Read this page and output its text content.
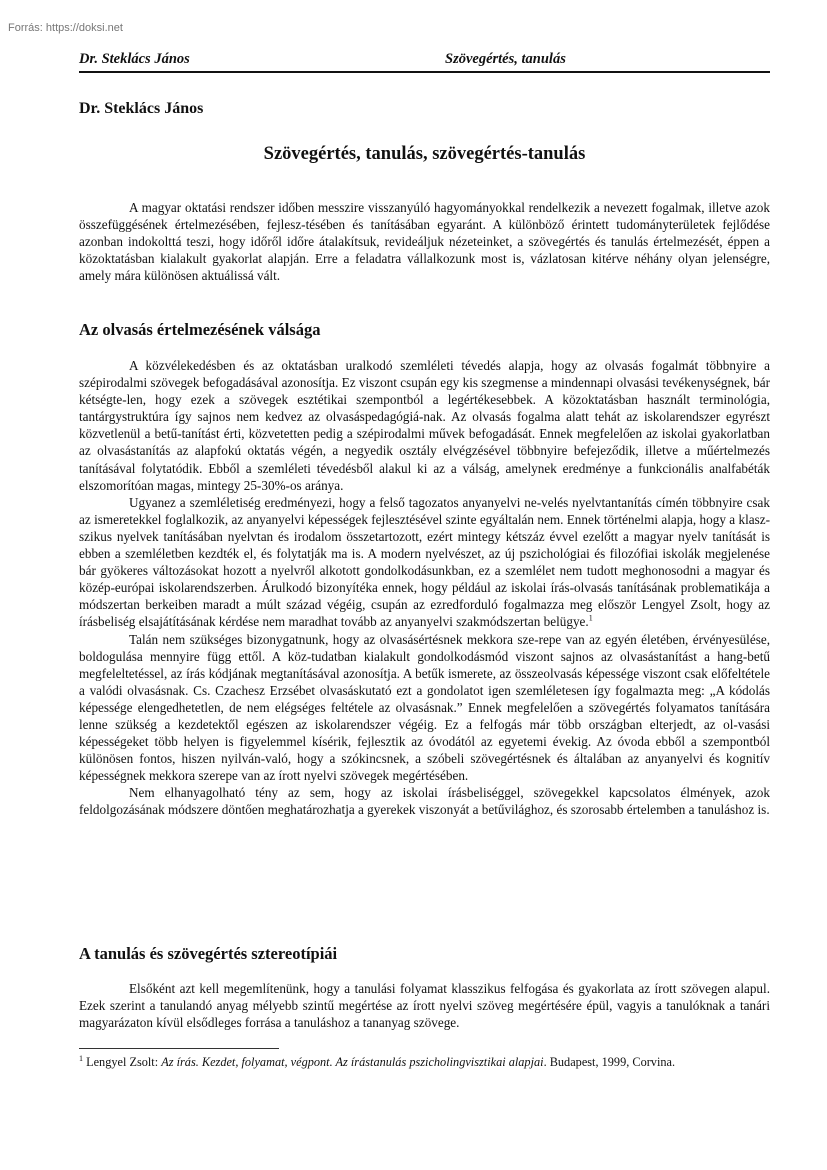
Forrás: https://doksi.net
Dr. Steklács János	Szövegértés, tanulás
Dr. Steklács János
Szövegértés, tanulás, szövegértés-tanulás

A magyar oktatási rendszer időben messzire visszanyúló hagyományokkal rendelkezik a nevezett fogalmak, illetve azok összefüggésének értelmezésében, fejlesz-tésében és tanításában egyaránt. A különböző érintett tudományterületek fejlődése azonban indokolttá teszi, hogy időről időre átalakítsuk, revideáljuk nézeteinket, a szövegértés és tanulás értelmezését, éppen a közoktatásban kialakult gyakorlat alapján. Erre a feladatra vállalkozunk most is, vázlatosan kitérve néhány olyan jelenségre, amely mára különösen aktuálissá vált.

Az olvasás értelmezésének válsága

A közvélekedésben és az oktatásban uralkodó szemléleti tévedés alapja, hogy az olvasás fogalmát többnyire a szépirodalmi szövegek befogadásával azonosítja. Ez viszont csupán egy kis szegmense a mindennapi olvasási tevékenységnek, bár kétségte-len, hogy ezek a szövegek esztétikai szempontból a legértékesebbek. A közoktatásban használt terminológia, tantárgystruktúra így sajnos nem kedvez az olvasáspedagógiá-nak. Az olvasás fogalma alatt tehát az iskolarendszer egyrészt közvetlenül a betű-tanítást érti, közvetetten pedig a szépirodalmi művek befogadását. Ennek megfelelően az iskolai gyakorlatban az olvasástanítás az alapfokú oktatás végén, a negyedik osztály elvégzésével többnyire befejeződik, illetve a műértelmezés tanításával folytatódik. Ebből a szemléleti tévedésből alakul ki az a válság, amelynek eredménye a funkcionális analfabéták elszomorítóan magas, mintegy 25-30%-os aránya.

Ugyanez a szemléletiség eredményezi, hogy a felső tagozatos anyanyelvi ne-velés nyelvtantanítás címén többnyire csak az ismeretekkel foglalkozik, az anyanyelvi képességek fejlesztésével szinte egyáltalán nem. Ennek történelmi alapja, hogy a klasz-szikus nyelvek tanításában nyelvtan és irodalom összetartozott, ezért mintegy kétszáz évvel ezelőtt a magyar nyelv tanítását is ebben a szemléletben kezdték el, és folytatják ma is. A modern nyelvészet, az új pszichológiai és filozófiai iskolák megjelenése bár gyökeres változásokat hozott a nyelvről alkotott gondolkodásunkban, ez a szemlélet nem tudott meghonosodni a magyar és közép-európai iskolarendszerben. Árulkodó bizonyítéka ennek, hogy például az iskolai írás-olvasás tanításának problematikája a módszertan berkeiben maradt a múlt század végéig, csupán az ezredforduló fogalmazza meg először Lengyel Zsolt, hogy az írásbeliség elsajátításának kérdése nem maradhat tovább az anyanyelvi szakmódszertan belügye.$^1$

Talán nem szükséges bizonygatnunk, hogy az olvasásértésnek mekkora sze-repe van az egyén életében, érvényesülése, boldogulása mennyire függ ettől. A köz-tudatban kialakult gondolkodásmód viszont sajnos az olvasástanítást a hang-betű megfeleltetéssel, az írás kódjának megtanításával azonosítja. A betűk ismerete, az összeolvasás képessége viszont csak előfeltétele a valódi olvasásnak. Cs. Czachesz Erzsébet olvasáskutató ezt a gondolatot igen szemléletesen így fogalmazta meg: „A kódolás képessége elengedhetetlen, de nem elégséges feltétele az olvasásnak.” Ennek megfelelően a szövegértés folyamatos tanítására lenne szükség a kezdetektől egészen az iskolarendszer végéig. Ez a felfogás már több országban elterjedt, az ol-vasási képességeket több helyen is figyelemmel kísérik, fejlesztik az óvodától az egyetemi évekig. Az óvoda ebből a szempontból különösen fontos, hiszen nyilván-való, hogy a szókincsnek, a szóbeli szövegértésnek és általában az anyanyelvi és kognitív képességnek mekkora szerepe van az írott nyelvi szövegek megértésében.

Nem elhanyagolható tény az sem, hogy az iskolai írásbeliséggel, szövegekkel kapcsolatos élmények, azok feldolgozásának módszere döntően meghatározhatja a gyerekek viszonyát a betűvilághoz, és szorosabb értelemben a tanuláshoz is.

A tanulás és szövegértés sztereotípiái

Elsőként azt kell megemlítenünk, hogy a tanulási folyamat klasszikus felfogása és gyakorlata az írott szövegen alapul. Ezek szerint a tanulandó anyag mélyebb szintű megértése az írott nyelvi szöveg megértésére épül, vagyis a tanulóknak a tanári magyarázaton kívül elsődleges forrása a tanuláshoz a tananyag szövege.

$^1$ Lengyel Zsolt: Az írás. Kezdet, folyamat, végpont. Az írástanulás pszicholingvisztikai alapjai. Budapest, 1999, Corvina.
